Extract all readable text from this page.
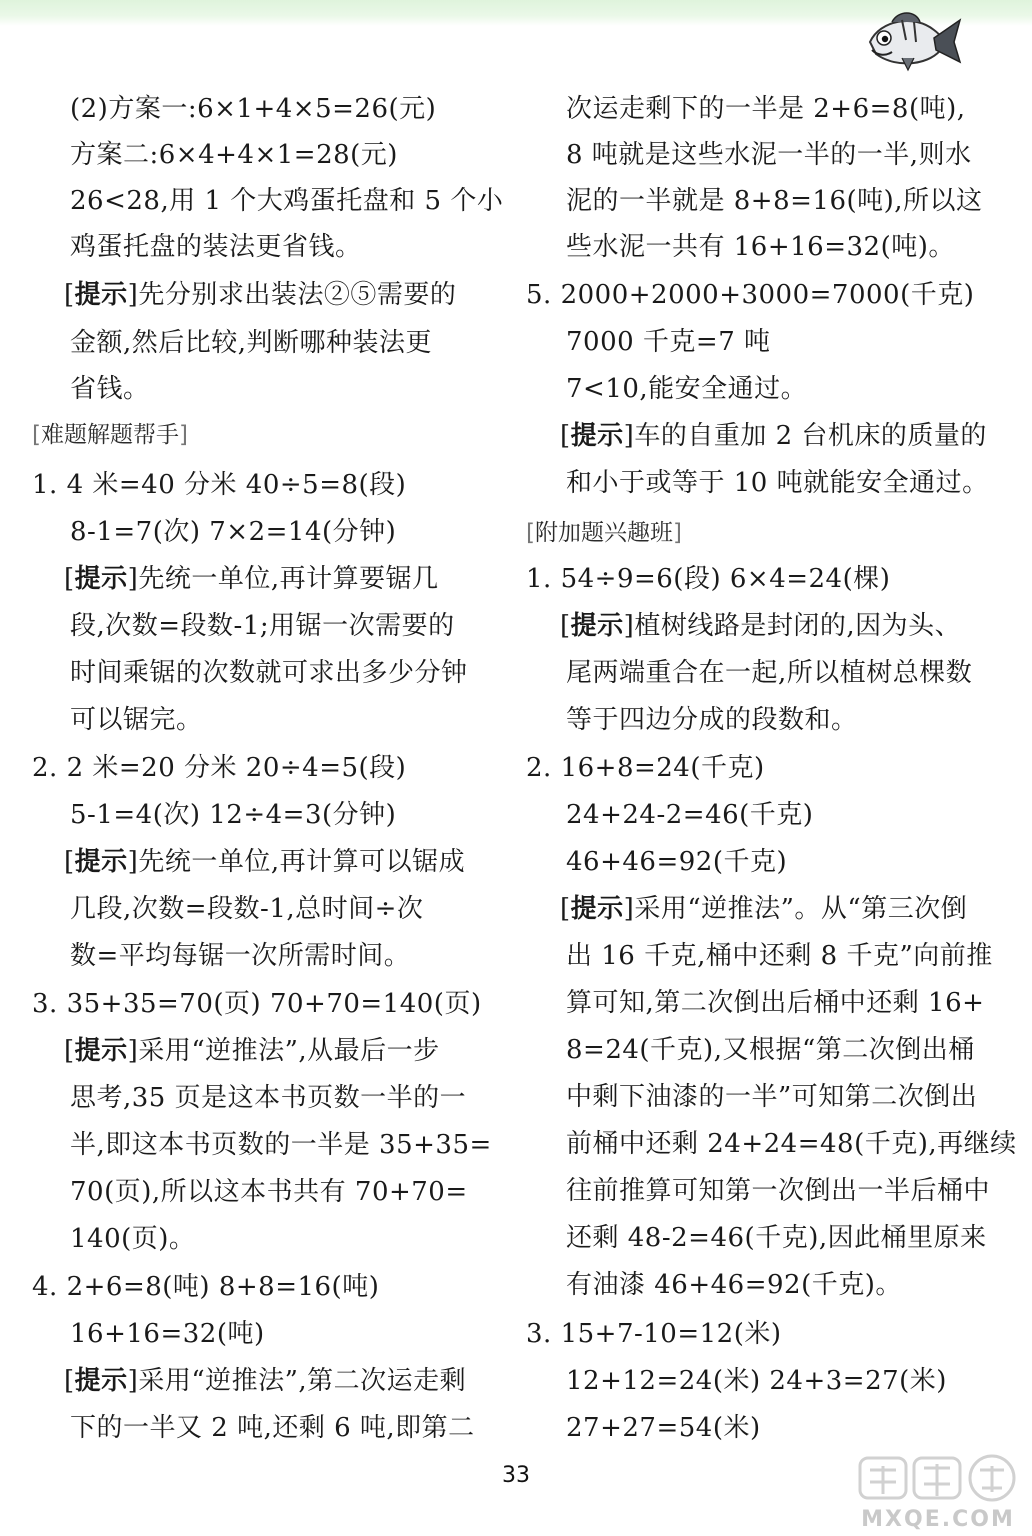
(2)方案一:6×1+4×5=26(元)
方案二:6×4+4×1=28(元)
26<28,用 1 个大鸡蛋托盘和 5 个小
鸡蛋托盘的装法更省钱。
[提示]先分别求出装法②⑤需要的
金额,然后比较,判断哪种装法更
省钱。
[难题解题帮手]
1. 4 米=40 分米 40÷5=8(段)
8-1=7(次) 7×2=14(分钟)
[提示]先统一单位,再计算要锯几
段,次数=段数-1;用锯一次需要的
时间乘锯的次数就可求出多少分钟
可以锯完。
2. 2 米=20 分米 20÷4=5(段)
5-1=4(次) 12÷4=3(分钟)
[提示]先统一单位,再计算可以锯成
几段,次数=段数-1,总时间÷次
数=平均每锯一次所需时间。
3. 35+35=70(页) 70+70=140(页)
[提示]采用“逆推法”,从最后一步
思考,35 页是这本书页数一半的一
半,即这本书页数的一半是 35+35=
70(页),所以这本书共有 70+70=
140(页)。
4. 2+6=8(吨) 8+8=16(吨)
16+16=32(吨)
[提示]采用“逆推法”,第二次运走剩
下的一半又 2 吨,还剩 6 吨,即第二
次运走剩下的一半是 2+6=8(吨),
8 吨就是这些水泥一半的一半,则水
泥的一半就是 8+8=16(吨),所以这
些水泥一共有 16+16=32(吨)。
5. 2000+2000+3000=7000(千克)
7000 千克=7 吨
7<10,能安全通过。
[提示]车的自重加 2 台机床的质量的
和小于或等于 10 吨就能安全通过。
[附加题兴趣班]
1. 54÷9=6(段) 6×4=24(棵)
[提示]植树线路是封闭的,因为头、
尾两端重合在一起,所以植树总棵数
等于四边分成的段数和。
2. 16+8=24(千克)
24+24-2=46(千克)
46+46=92(千克)
[提示]采用“逆推法”。从“第三次倒
出 16 千克,桶中还剩 8 千克”向前推
算可知,第二次倒出后桶中还剩 16+
8=24(千克),又根据“第二次倒出桶
中剩下油漆的一半”可知第二次倒出
前桶中还剩 24+24=48(千克),再继续
往前推算可知第一次倒出一半后桶中
还剩 48-2=46(千克),因此桶里原来
有油漆 46+46=92(千克)。
3. 15+7-10=12(米)
12+12=24(米) 24+3=27(米)
27+27=54(米)
33
MXQE.COM
